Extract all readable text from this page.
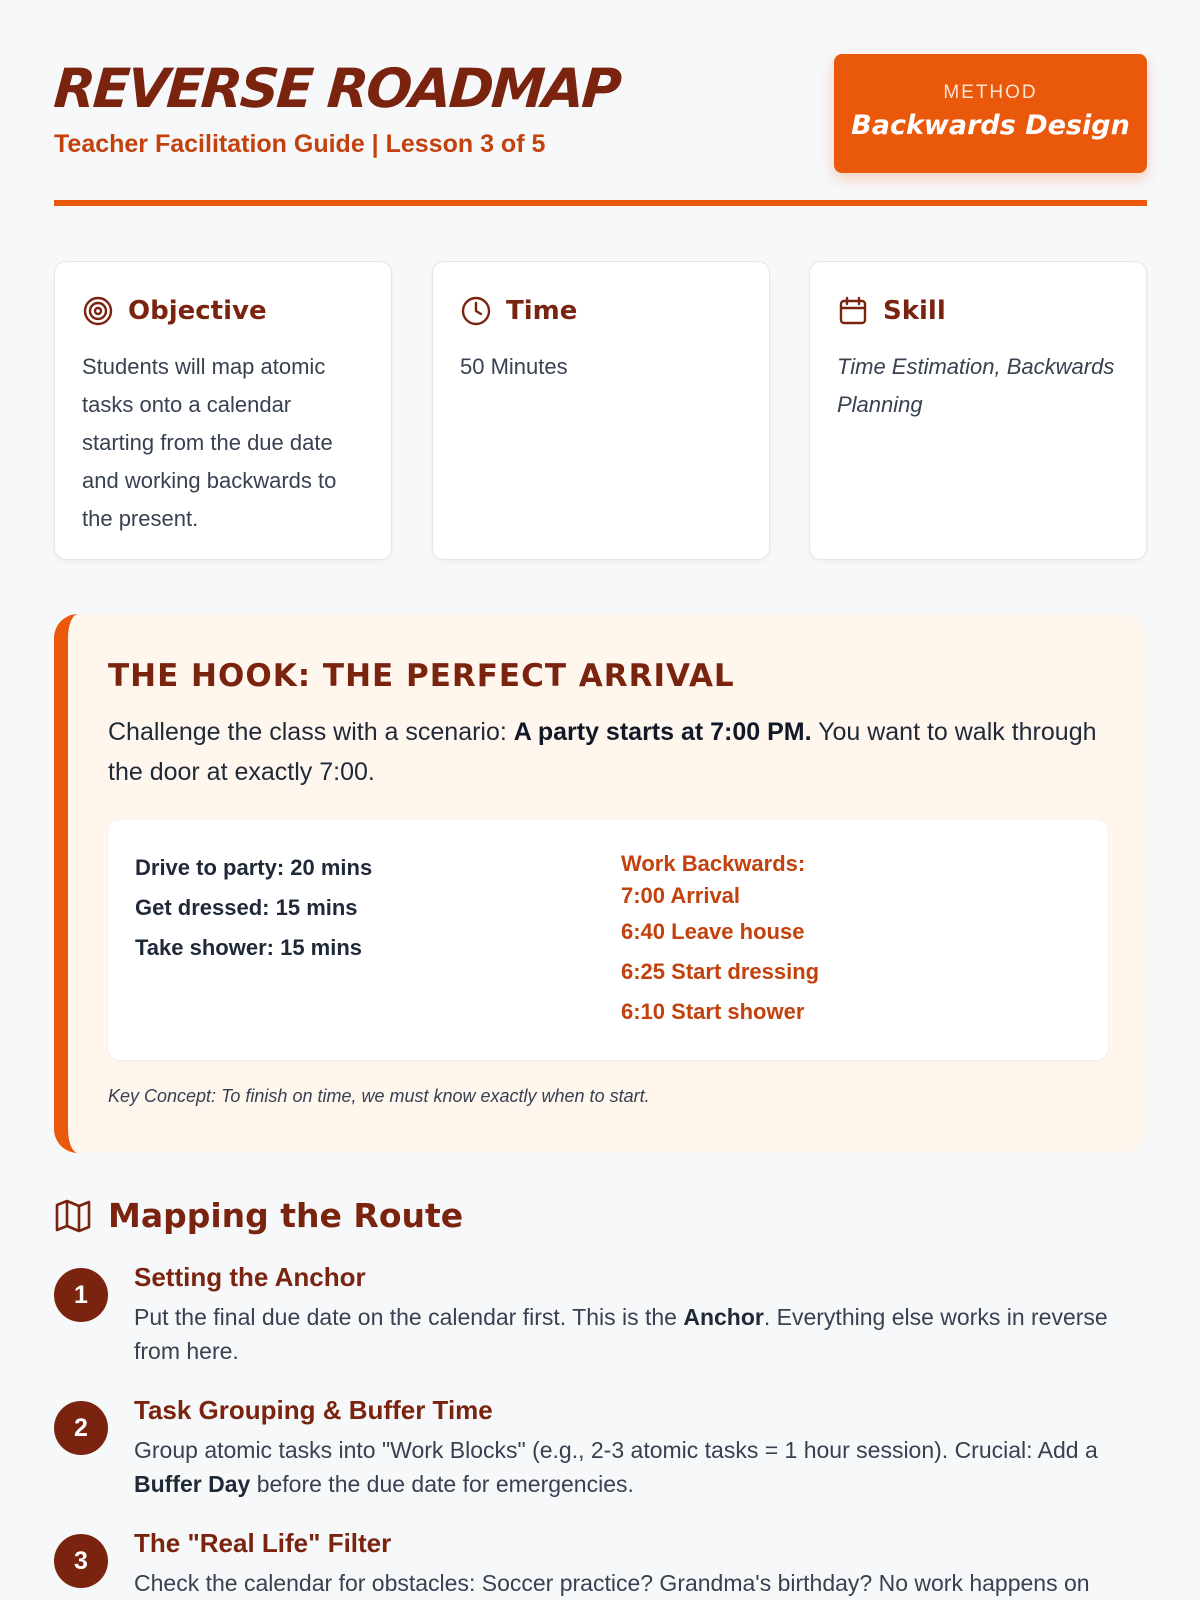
REVERSE ROADMAP
Teacher Facilitation Guide | Lesson 3 of 5
METHOD
Backwards Design
Objective
Students will map atomic tasks onto a calendar starting from the due date and working backwards to the present.
Time
50 Minutes
Skill
Time Estimation, Backwards Planning
THE HOOK: THE PERFECT ARRIVAL
Challenge the class with a scenario: A party starts at 7:00 PM. You want to walk through the door at exactly 7:00.
Drive to party: 20 mins
Get dressed: 15 mins
Take shower: 15 mins
Work Backwards:
7:00 Arrival
6:40 Leave house
6:25 Start dressing
6:10 Start shower
Key Concept: To finish on time, we must know exactly when to start.
Mapping the Route
1
Setting the Anchor
Put the final due date on the calendar first. This is the Anchor. Everything else works in reverse from here.
2
Task Grouping & Buffer Time
Group atomic tasks into "Work Blocks" (e.g., 2-3 atomic tasks = 1 hour session). Crucial: Add a Buffer Day before the due date for emergencies.
3
The "Real Life" Filter
Check the calendar for obstacles: Soccer practice? Grandma's birthday? No work happens on
